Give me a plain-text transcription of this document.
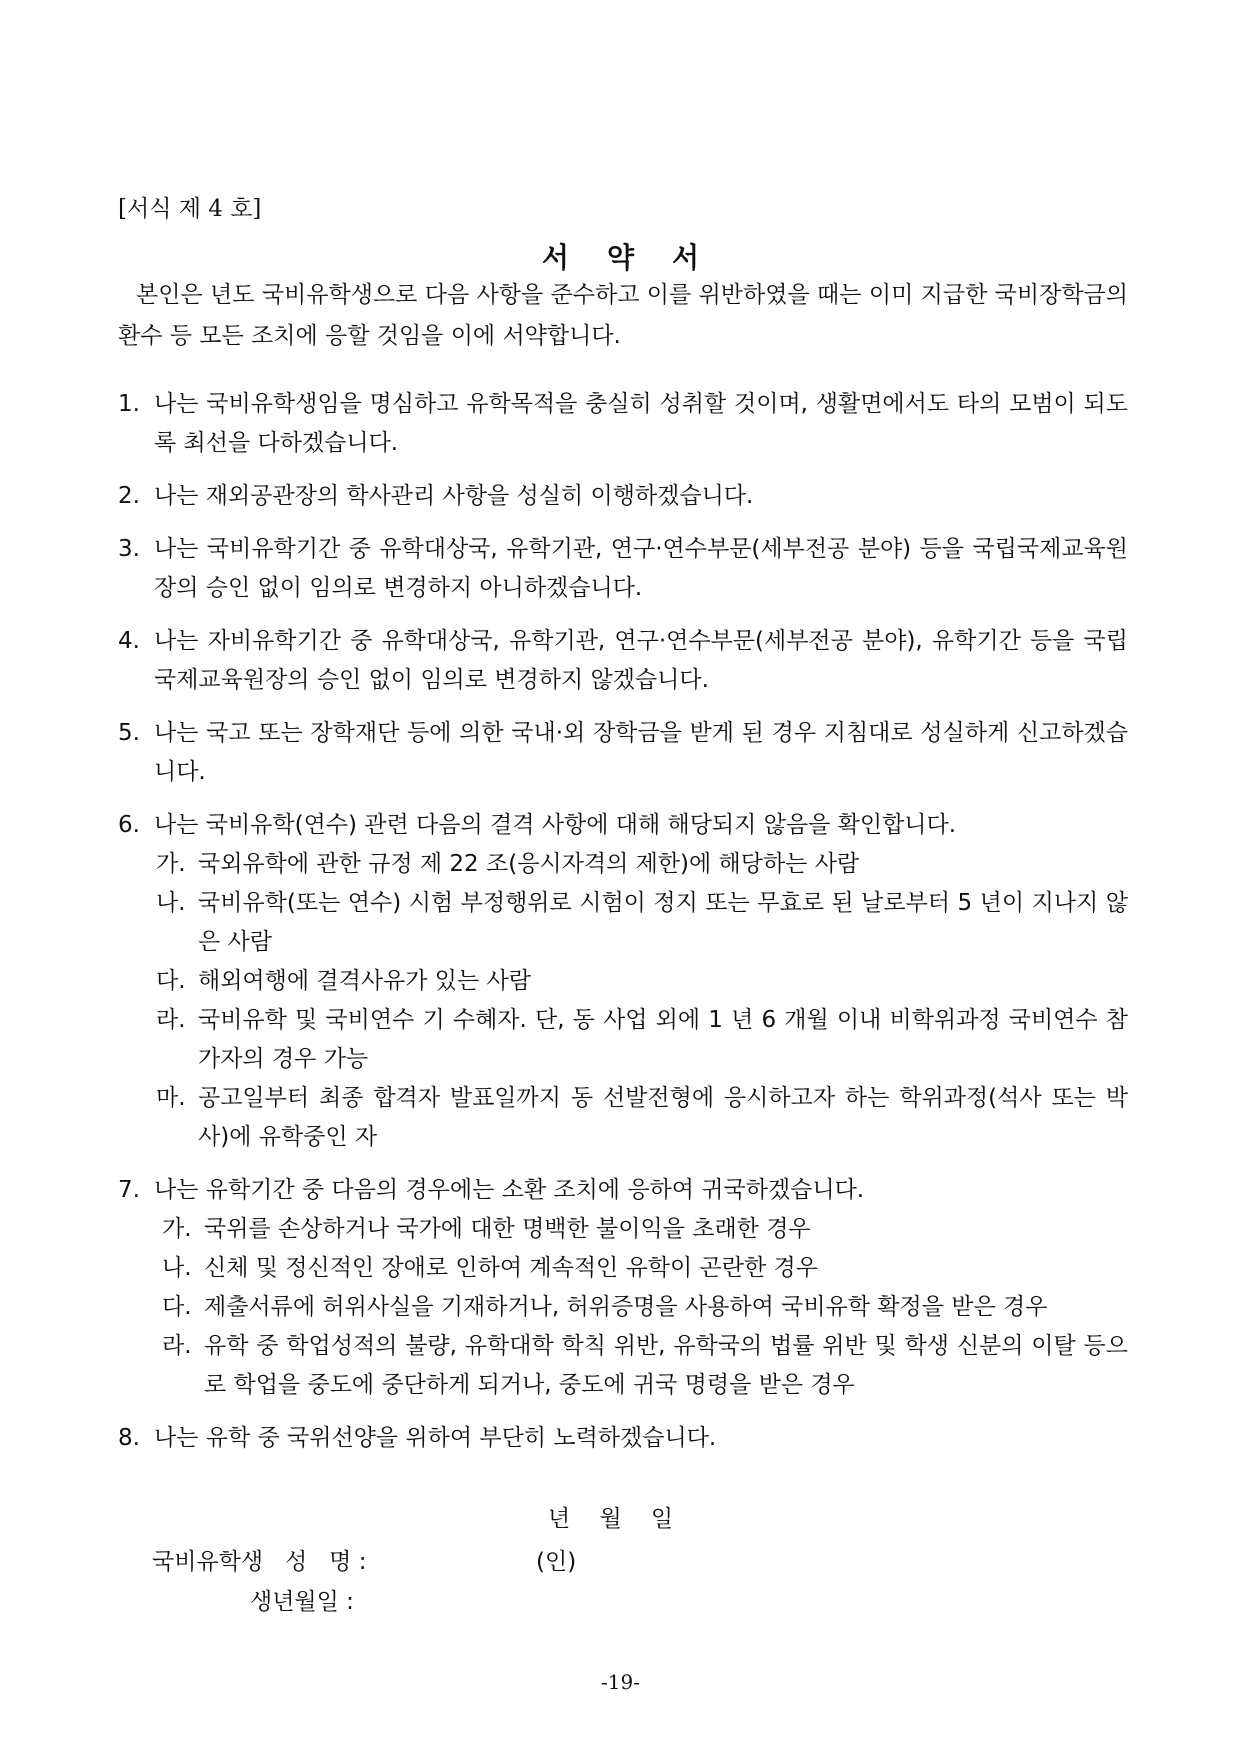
[서식 제 4 호]
서약서
본인은 년도 국비유학생으로 다음 사항을 준수하고 이를 위반하였을 때는 이미 지급한 국비장학금의 환수 등 모든 조치에 응할 것임을 이에 서약합니다.
1. 나는 국비유학생임을 명심하고 유학목적을 충실히 성취할 것이며, 생활면에서도 타의 모범이 되도록 최선을 다하겠습니다.
2. 나는 재외공관장의 학사관리 사항을 성실히 이행하겠습니다.
3. 나는 국비유학기간 중 유학대상국, 유학기관, 연구·연수부문(세부전공 분야) 등을 국립국제교육원장의 승인 없이 임의로 변경하지 아니하겠습니다.
4. 나는 자비유학기간 중 유학대상국, 유학기관, 연구·연수부문(세부전공 분야), 유학기간 등을 국립국제교육원장의 승인 없이 임의로 변경하지 않겠습니다.
5. 나는 국고 또는 장학재단 등에 의한 국내·외 장학금을 받게 된 경우 지침대로 성실하게 신고하겠습니다.
6. 나는 국비유학(연수) 관련 다음의 결격 사항에 대해 해당되지 않음을 확인합니다.
가. 국외유학에 관한 규정 제 22 조(응시자격의 제한)에 해당하는 사람
나. 국비유학(또는 연수) 시험 부정행위로 시험이 정지 또는 무효로 된 날로부터 5 년이 지나지 않은 사람
다. 해외여행에 결격사유가 있는 사람
라. 국비유학 및 국비연수 기 수혜자. 단, 동 사업 외에 1 년 6 개월 이내 비학위과정 국비연수 참가자의 경우 가능
마. 공고일부터 최종 합격자 발표일까지 동 선발전형에 응시하고자 하는 학위과정(석사 또는 박사)에 유학중인 자
7. 나는 유학기간 중 다음의 경우에는 소환 조치에 응하여 귀국하겠습니다.
가. 국위를 손상하거나 국가에 대한 명백한 불이익을 초래한 경우
나. 신체 및 정신적인 장애로 인하여 계속적인 유학이 곤란한 경우
다. 제출서류에 허위사실을 기재하거나, 허위증명을 사용하여 국비유학 확정을 받은 경우
라. 유학 중 학업성적의 불량, 유학대학 학칙 위반, 유학국의 법률 위반 및 학생 신분의 이탈 등으로 학업을 중도에 중단하게 되거나, 중도에 귀국 명령을 받은 경우
8. 나는 유학 중 국위선양을 위하여 부단히 노력하겠습니다.
년    월    일
국비유학생   성   명 :	(인)
생년월일 :
-19-
